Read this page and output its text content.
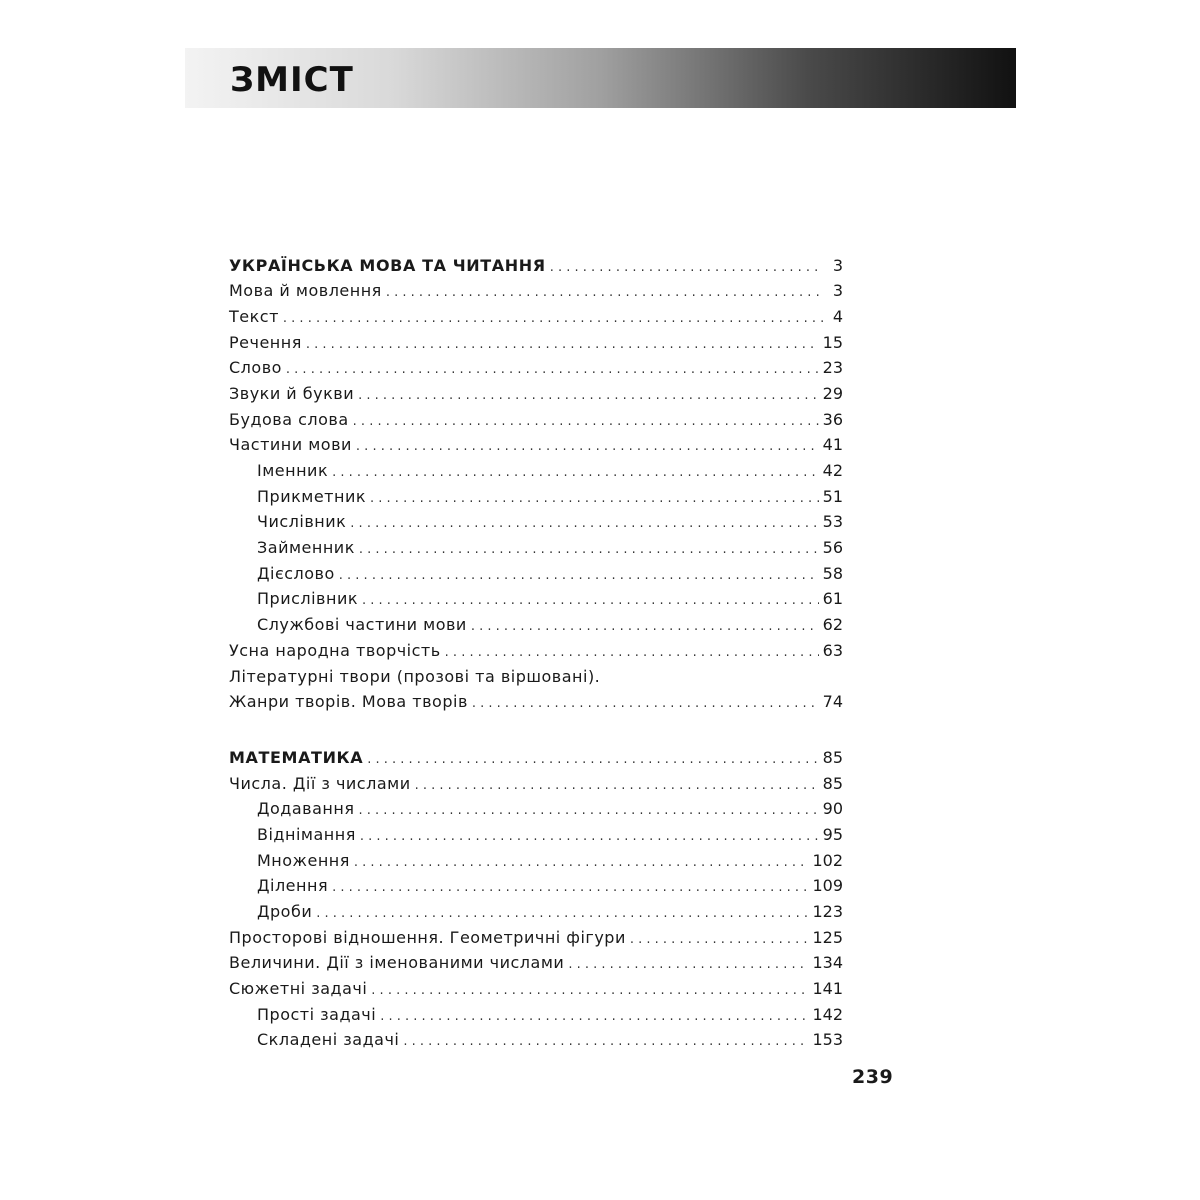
ЗМІСТ
УКРАЇНСЬКА МОВА ТА ЧИТАННЯ . . .	3
Мова й мовлення . . .	3
Текст . . .	4
Речення . . .	15
Слово . . .	23
Звуки й букви . . .	29
Будова слова . . .	36
Частини мови . . .	41
Іменник . . .	42
Прикметник . . .	51
Числівник . . .	53
Займенник . . .	56
Дієслово . . .	58
Прислівник . . .	61
Службові частини мови . . .	62
Усна народна творчість . . .	63
Літературні твори (прозові та віршовані).
Жанри творів. Мова творів . . .	74
МАТЕМАТИКА . . .	85
Числа. Дії з числами . . .	85
Додавання . . .	90
Віднімання . . .	95
Множення . . .	102
Ділення . . .	109
Дроби . . .	123
Просторові відношення. Геометричні фігури . . .	125
Величини. Дії з іменованими числами . . .	134
Сюжетні задачі . . .	141
Прості задачі . . .	142
Складені задачі . . .	153
239
